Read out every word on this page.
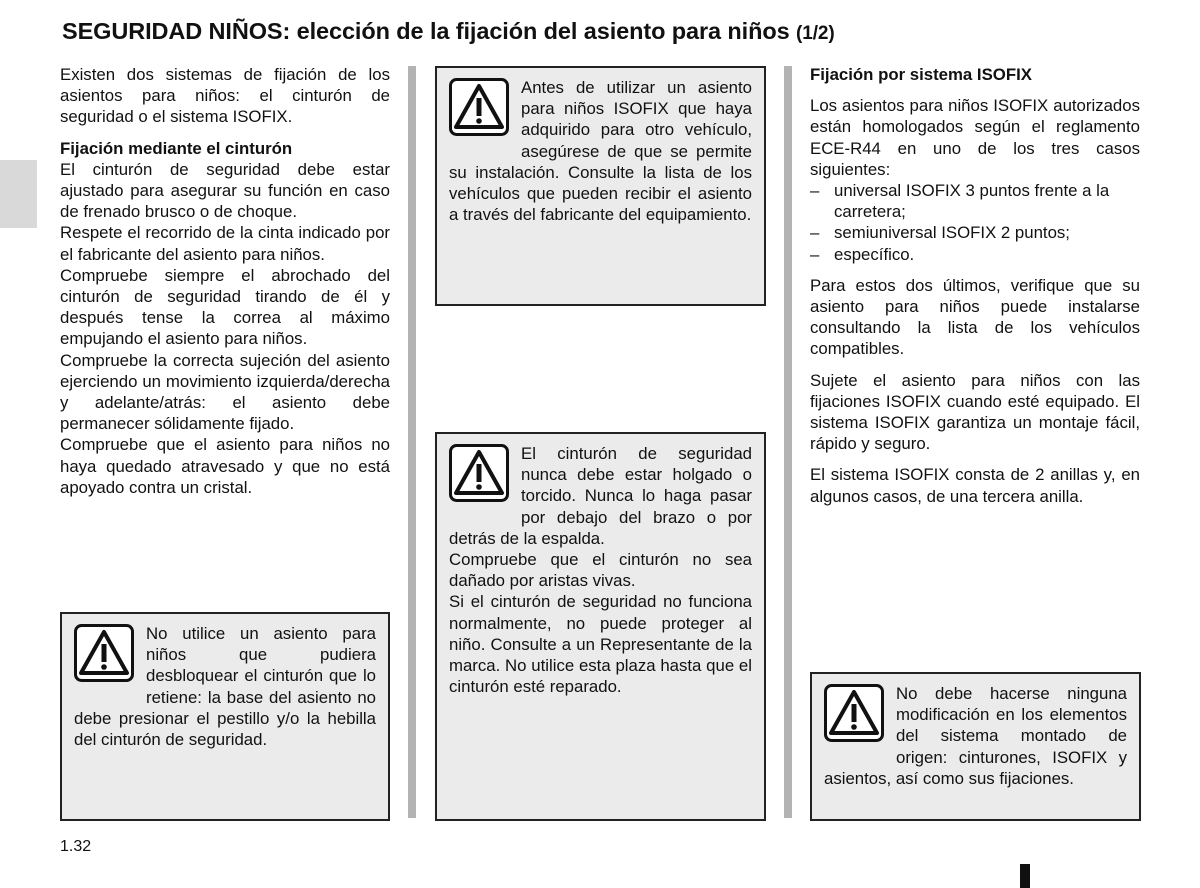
SEGURIDAD NIÑOS: elección de la fijación del asiento para niños (1/2)

Existen dos sistemas de fijación de los asientos para niños: el cinturón de seguridad o el sistema ISOFIX.

Fijación mediante el cinturón

El cinturón de seguridad debe estar ajustado para asegurar su función en caso de frenado brusco o de choque.

Respete el recorrido de la cinta indicado por el fabricante del asiento para niños.

Compruebe siempre el abrochado del cinturón de seguridad tirando de él y después tense la correa al máximo empujando el asiento para niños.

Compruebe la correcta sujeción del asiento ejerciendo un movimiento izquierda/derecha y adelante/atrás: el asiento debe permanecer sólidamente fijado.

Compruebe que el asiento para niños no haya quedado atravesado y que no está apoyado contra un cristal.

No utilice un asiento para niños que pudiera desbloquear el cinturón que lo retiene: la base del asiento no debe presionar el pestillo y/o la hebilla del cinturón de seguridad.

Antes de utilizar un asiento para niños ISOFIX que haya adquirido para otro vehículo, asegúrese de que se permite su instalación. Consulte la lista de los vehículos que pueden recibir el asiento a través del fabricante del equipamiento.

El cinturón de seguridad nunca debe estar holgado o torcido. Nunca lo haga pasar por debajo del brazo o por detrás de la espalda.

Compruebe que el cinturón no sea dañado por aristas vivas.

Si el cinturón de seguridad no funciona normalmente, no puede proteger al niño. Consulte a un Representante de la marca. No utilice esta plaza hasta que el cinturón esté reparado.

Fijación por sistema ISOFIX

Los asientos para niños ISOFIX autorizados están homologados según el reglamento ECE-R44 en uno de los tres casos siguientes:

– universal ISOFIX 3 puntos frente a la carretera;
– semiuniversal ISOFIX 2 puntos;
– específico.

Para estos dos últimos, verifique que su asiento para niños puede instalarse consultando la lista de los vehículos compatibles.

Sujete el asiento para niños con las fijaciones ISOFIX cuando esté equipado. El sistema ISOFIX garantiza un montaje fácil, rápido y seguro.

El sistema ISOFIX consta de 2 anillas y, en algunos casos, de una tercera anilla.

No debe hacerse ninguna modificación en los elementos del sistema montado de origen: cinturones, ISOFIX y asientos, así como sus fijaciones.

1.32
